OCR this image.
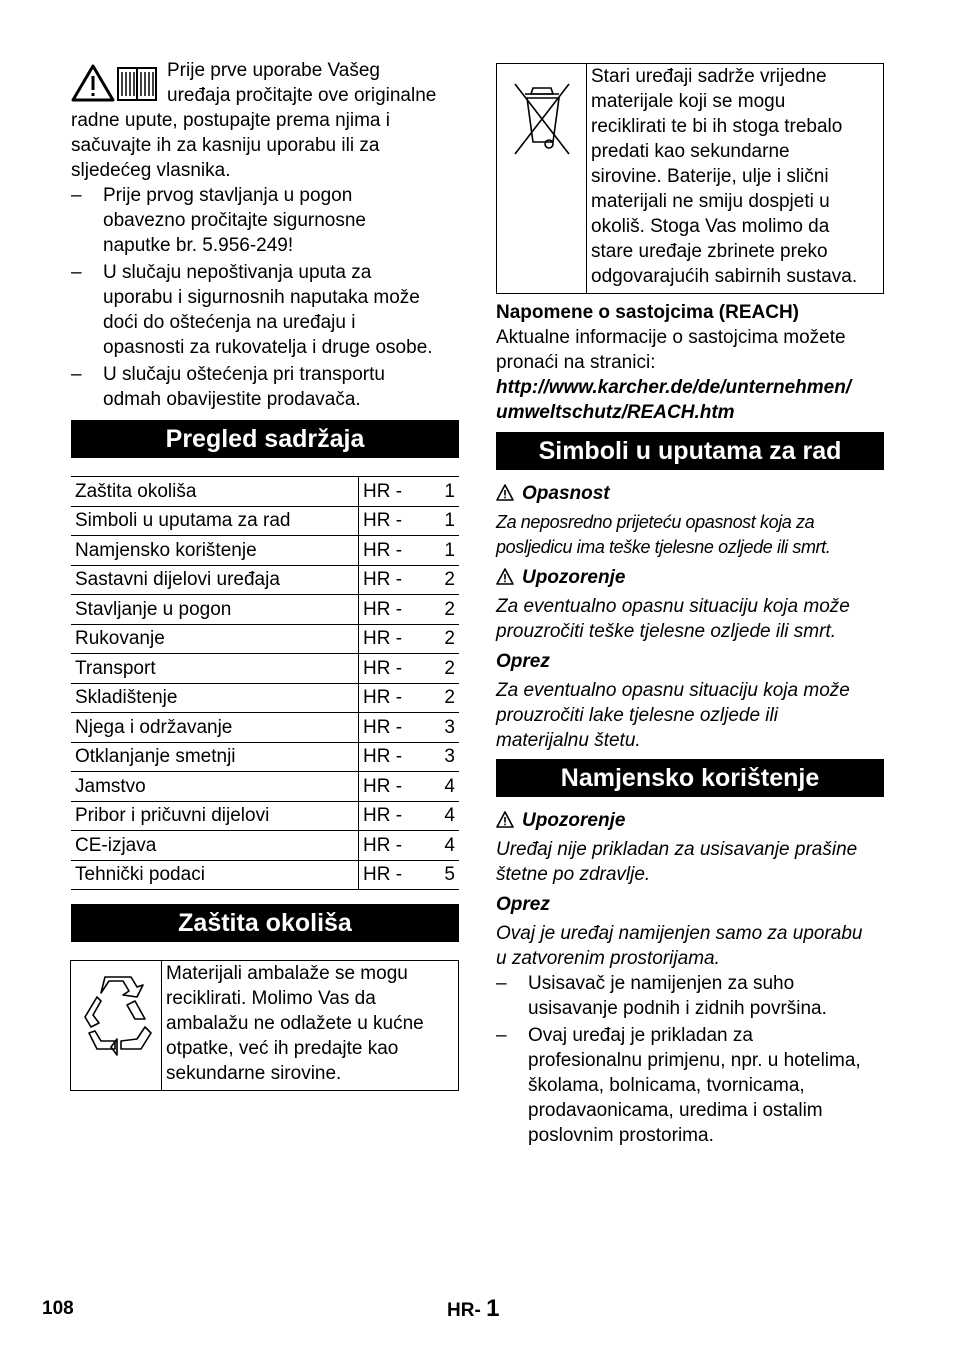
Prije prve uporabe Vašeg
uređaja pročitajte ove originalne
radne upute, postupajte prema njima i
sačuvajte ih za kasniju uporabu ili za
sljedećeg vlasnika.
–	Prije prvog stavljanja u pogon
obavezno pročitajte sigurnosne
naputke br. 5.956-249!
–	U slučaju nepoštivanja uputa za
uporabu i sigurnosnih naputaka može
doći do oštećenja na uređaju i
opasnosti za rukovatelja i druge osobe.
–	U slučaju oštećenja pri transportu
odmah obavijestite prodavača.
Pregled sadržaja
Zaštita okoliša	HR -	1
Simboli u uputama za rad	HR -	1
Namjensko korištenje	HR -	1
Sastavni dijelovi uređaja	HR -	2
Stavljanje u pogon	HR -	2
Rukovanje	HR -	2
Transport	HR -	2
Skladištenje	HR -	2
Njega i održavanje	HR -	3
Otklanjanje smetnji	HR -	3
Jamstvo	HR -	4
Pribor i pričuvni dijelovi	HR -	4
CE-izjava	HR -	4
Tehnički podaci	HR -	5
Zaštita okoliša
Materijali ambalaže se mogu
reciklirati. Molimo Vas da
ambalažu ne odlažete u kućne
otpatke, već ih predajte kao
sekundarne sirovine.
Stari uređaji sadrže vrijedne
materijale koji se mogu
reciklirati te bi ih stoga trebalo
predati kao sekundarne
sirovine. Baterije, ulje i slični
materijali ne smiju dospjeti u
okoliš. Stoga Vas molimo da
stare uređaje zbrinete preko
odgovarajućih sabirnih sustava.
Napomene o sastojcima (REACH)
Aktualne informacije o sastojcima možete
pronaći na stranici:
http://www.karcher.de/de/unternehmen/
umweltschutz/REACH.htm
Simboli u uputama za rad
Opasnost
Za neposredno prijeteću opasnost koja za
posljedicu ima teške tjelesne ozljede ili smrt.
Upozorenje
Za eventualno opasnu situaciju koja može
prouzročiti teške tjelesne ozljede ili smrt.
Oprez
Za eventualno opasnu situaciju koja može
prouzročiti lake tjelesne ozljede ili
materijalnu štetu.
Namjensko korištenje
Upozorenje
Uređaj nije prikladan za usisavanje prašine
štetne po zdravlje.
Oprez
Ovaj je uređaj namijenjen samo za uporabu
u zatvorenim prostorijama.
–	Usisavač je namijenjen za suho
usisavanje podnih i zidnih površina.
–	Ovaj uređaj je prikladan za
profesionalnu primjenu, npr. u hotelima,
školama, bolnicama, tvornicama,
prodavaonicama, uredima i ostalim
poslovnim prostorima.
108	HR- 1
